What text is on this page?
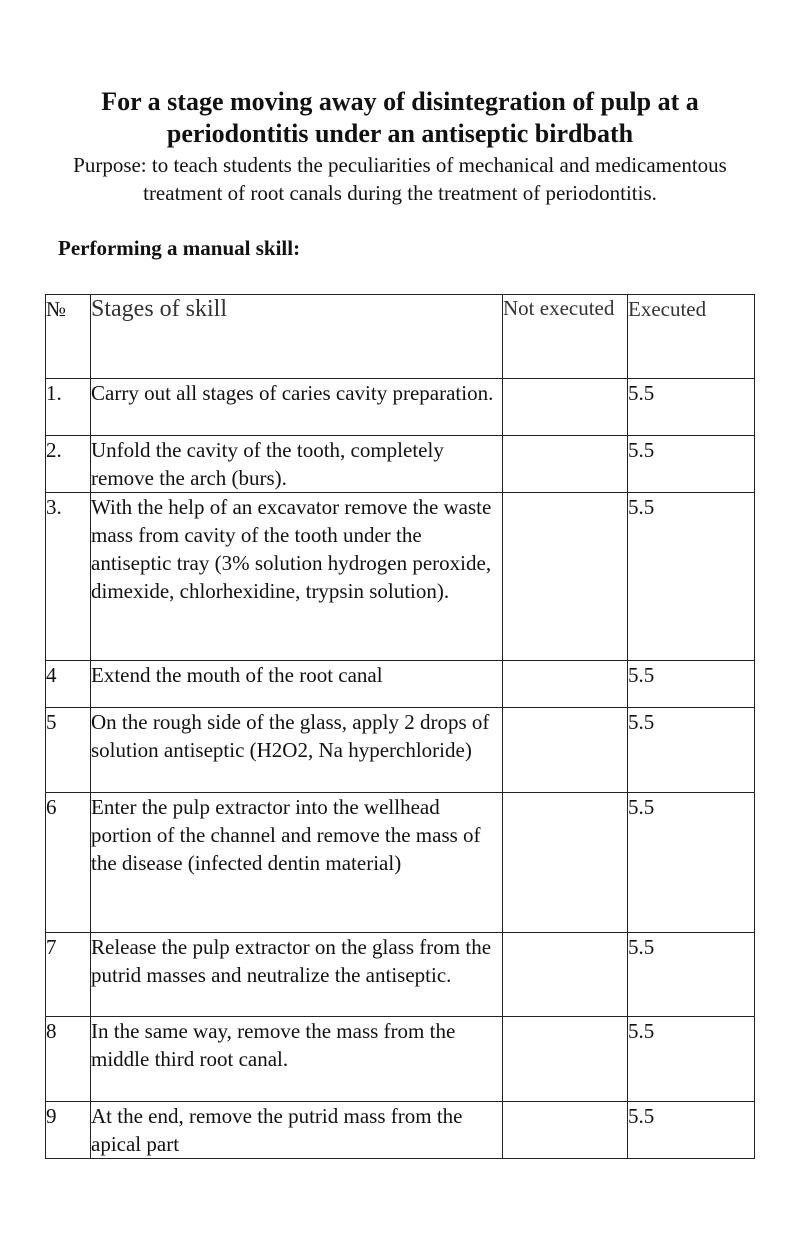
For a stage moving away of disintegration of pulp at a periodontitis under an antiseptic birdbath
Purpose: to teach students the peculiarities of mechanical and medicamentous treatment of root canals during the treatment of periodontitis.
Performing a manual skill:
№	Stages of skill	Not executed	Executed
1.	Carry out all stages of caries cavity preparation.		5.5
2.	Unfold the cavity of the tooth, completely remove the arch (burs).		5.5
3.	With the help of an excavator remove the waste mass from cavity of the tooth under the antiseptic tray (3% solution hydrogen peroxide, dimexide, chlorhexidine, trypsin solution).		5.5
4	Extend the mouth of the root canal		5.5
5	On the rough side of the glass, apply 2 drops of solution antiseptic (H2O2, Na hyperchloride)		5.5
6	Enter the pulp extractor into the wellhead portion of the channel and remove the mass of the disease (infected dentin material)		5.5
7	Release the pulp extractor on the glass from the putrid masses and neutralize the antiseptic.		5.5
8	In the same way, remove the mass from the middle third root canal.		5.5
9	At the end, remove the putrid mass from the apical part		5.5
